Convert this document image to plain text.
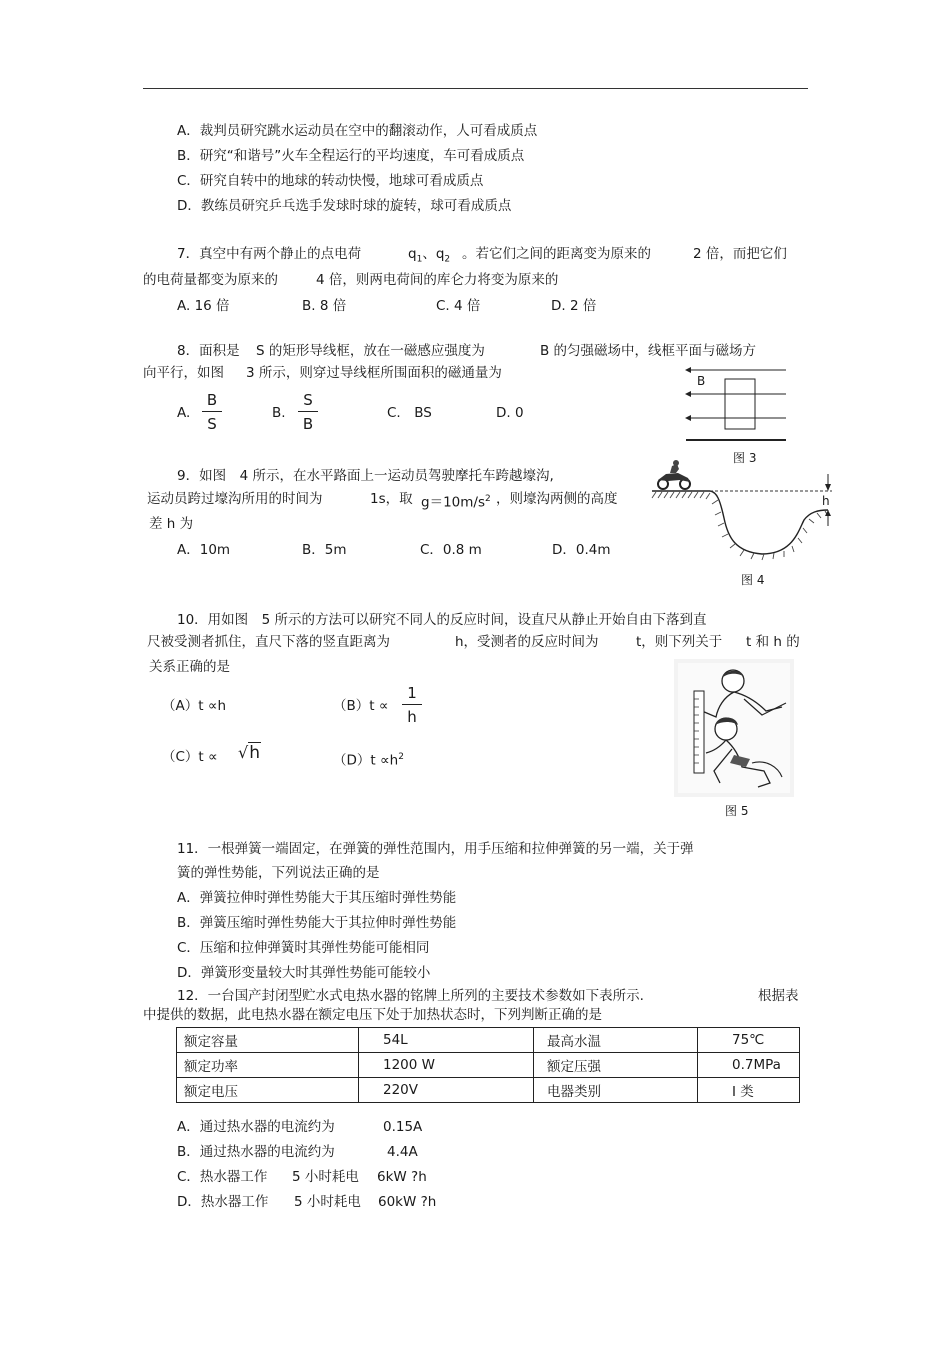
A．裁判员研究跳水运动员在空中的翻滚动作，人可看成质点
B．研究“和谐号”火车全程运行的平均速度，车可看成质点
C．研究自转中的地球的转动快慢，地球可看成质点
D．教练员研究乒乓选手发球时球的旋转，球可看成质点
7．真空中有两个静止的点电荷	$q_1$、$q_2$ 。若它们之间的距离变为原来的	2 倍，而把它们
的电荷量都变为原来的	4 倍，则两电荷间的库仑力将变为原来的
A. 16 倍	B. 8 倍	C. 4 倍	D. 2 倍
8．面积是 S 的矩形导线框，放在一磁感应强度为	B 的匀强磁场中，线框平面与磁场方
向平行，如图 3 所示，则穿过导线框所围面积的磁通量为
A. $\frac{B}{S}$	B. $\frac{S}{B}$	C.　BS	D. 0
B
图 3
9．如图　4 所示，在水平路面上一运动员驾驶摩托车跨越壕沟,
运动员跨过壕沟所用的时间为	1s，取 $g=10m/s^2$ ，则壕沟两侧的高度
差 h 为
A．10m	B．5m	C．0.8 m	D．0.4m
h
图 4
10．用如图　5 所示的方法可以研究不同人的反应时间，设直尺从静止开始自由下落到直
尺被受测者抓住，直尺下落的竖直距离为	h，受测者的反应时间为	t，则下列关于 t 和 h 的
关系正确的是
（A）t ∝h	$(B)t \propto \frac{1}{h}$
（C）t ∝ √h	$(D)t \propto h^2$
图 5
11．一根弹簧一端固定，在弹簧的弹性范围内，用手压缩和拉伸弹簧的另一端，关于弹
簧的弹性势能，下列说法正确的是
A．弹簧拉伸时弹性势能大于其压缩时弹性势能
B．弹簧压缩时弹性势能大于其拉伸时弹性势能
C．压缩和拉伸弹簧时其弹性势能可能相同
D．弹簧形变量较大时其弹性势能可能较小
12．一台国产封闭型贮水式电热水器的铭牌上所列的主要技术参数如下表所示.	根据表
中提供的数据，此电热水器在额定电压下处于加热状态时，下列判断正确的是
额定容量	54L	最高水温	75℃
额定功率	1200 W	额定压强	0.7MPa
额定电压	220V	电器类别	I 类
A．通过热水器的电流约为	0.15A
B．通过热水器的电流约为	4.4A
C．热水器工作 5 小时耗电 6kW ?h
D．热水器工作 5 小时耗电 60kW ?h
